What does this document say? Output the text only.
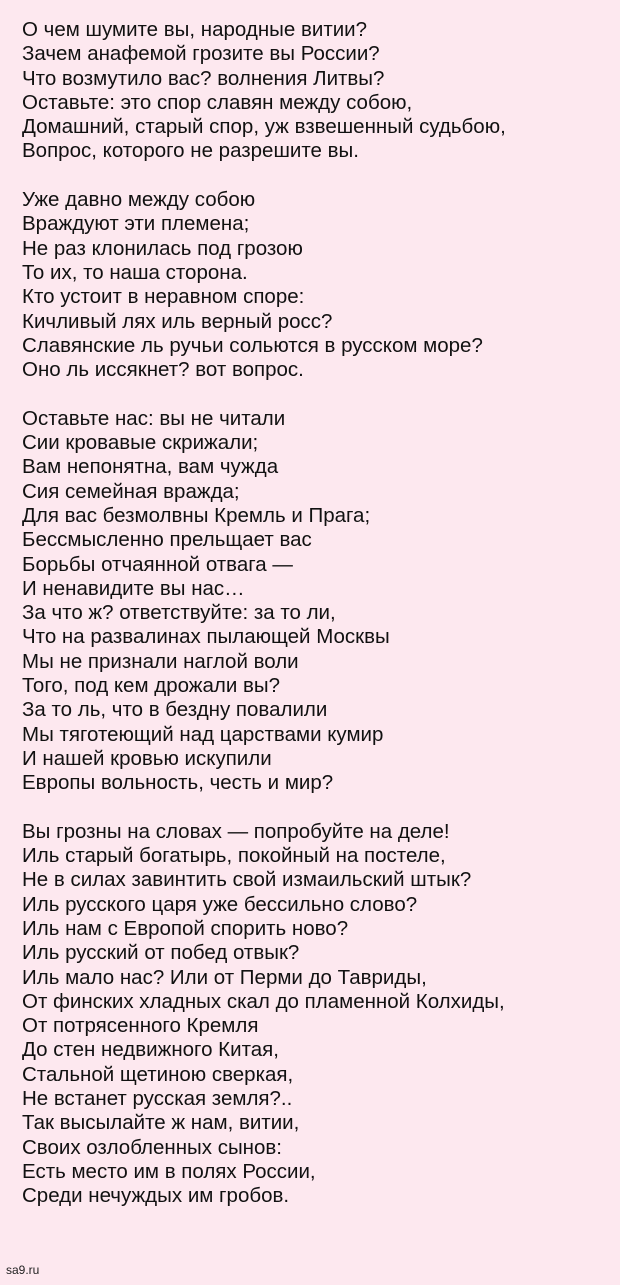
О чем шумите вы, народные витии?
Зачем анафемой грозите вы России?
Что возмутило вас? волнения Литвы?
Оставьте: это спор славян между собою,
Домашний, старый спор, уж взвешенный судьбою,
Вопрос, которого не разрешите вы.
Уже давно между собою
Враждуют эти племена;
Не раз клонилась под грозою
То их, то наша сторона.
Кто устоит в неравном споре:
Кичливый лях иль верный росс?
Славянские ль ручьи сольются в русском море?
Оно ль иссякнет? вот вопрос.
Оставьте нас: вы не читали
Сии кровавые скрижали;
Вам непонятна, вам чужда
Сия семейная вражда;
Для вас безмолвны Кремль и Прага;
Бессмысленно прельщает вас
Борьбы отчаянной отвага —
И ненавидите вы нас…
За что ж? ответствуйте: за то ли,
Что на развалинах пылающей Москвы
Мы не признали наглой воли
Того, под кем дрожали вы?
За то ль, что в бездну повалили
Мы тяготеющий над царствами кумир
И нашей кровью искупили
Европы вольность, честь и мир?
Вы грозны на словах — попробуйте на деле!
Иль старый богатырь, покойный на постеле,
Не в силах завинтить свой измаильский штык?
Иль русского царя уже бессильно слово?
Иль нам с Европой спорить ново?
Иль русский от побед отвык?
Иль мало нас? Или от Перми до Тавриды,
От финских хладных скал до пламенной Колхиды,
От потрясенного Кремля
До стен недвижного Китая,
Стальной щетиною сверкая,
Не встанет русская земля?..
Так высылайте ж нам, витии,
Своих озлобленных сынов:
Есть место им в полях России,
Среди нечуждых им гробов.
sa9.ru
